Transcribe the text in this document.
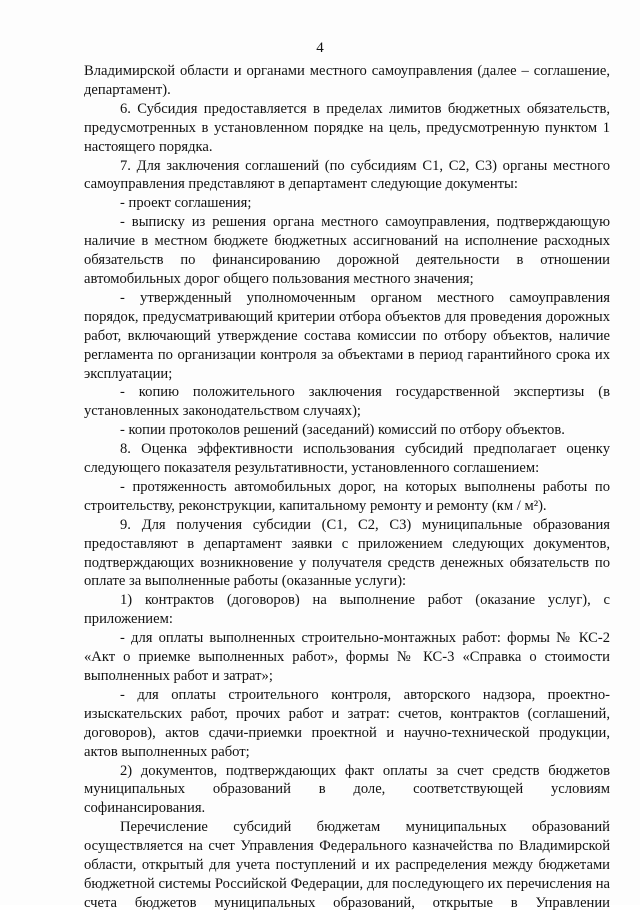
4

Владимирской области и органами местного самоуправления (далее – соглашение, департамент).

6. Субсидия предоставляется в пределах лимитов бюджетных обязательств, предусмотренных в установленном порядке на цель, предусмотренную пунктом 1 настоящего порядка.

7. Для заключения соглашений (по субсидиям С1, С2, С3) органы местного самоуправления представляют в департамент следующие документы:

- проект соглашения;

- выписку из решения органа местного самоуправления, подтверждающую наличие в местном бюджете бюджетных ассигнований на исполнение расходных обязательств по финансированию дорожной деятельности в отношении автомобильных дорог общего пользования местного значения;

- утвержденный уполномоченным органом местного самоуправления порядок, предусматривающий критерии отбора объектов для проведения дорожных работ, включающий утверждение состава комиссии по отбору объектов, наличие регламента по организации контроля за объектами в период гарантийного срока их эксплуатации;

- копию положительного заключения государственной экспертизы (в установленных законодательством случаях);

- копии протоколов решений (заседаний) комиссий по отбору объектов.

8. Оценка эффективности использования субсидий предполагает оценку следующего показателя результативности, установленного соглашением:

- протяженность автомобильных дорог, на которых выполнены работы по строительству, реконструкции, капитальному ремонту и ремонту (км / м²).

9. Для получения субсидии (С1, С2, С3) муниципальные образования предоставляют в департамент заявки с приложением следующих документов, подтверждающих возникновение у получателя средств денежных обязательств по оплате за выполненные работы (оказанные услуги):

1) контрактов (договоров) на выполнение работ (оказание услуг), с приложением:

- для оплаты выполненных строительно-монтажных работ: формы № КС-2 «Акт о приемке выполненных работ», формы № КС-3 «Справка о стоимости выполненных работ и затрат»;

- для оплаты строительного контроля, авторского надзора, проектно-изыскательских работ, прочих работ и затрат: счетов, контрактов (соглашений, договоров), актов сдачи-приемки проектной и научно-технической продукции, актов выполненных работ;

2) документов, подтверждающих факт оплаты за счет средств бюджетов муниципальных образований в доле, соответствующей условиям софинансирования.

Перечисление субсидий бюджетам муниципальных образований осуществляется на счет Управления Федерального казначейства по Владимирской области, открытый для учета поступлений и их распределения между бюджетами бюджетной системы Российской Федерации, для последующего их перечисления на счета бюджетов муниципальных образований, открытые в Управлении
